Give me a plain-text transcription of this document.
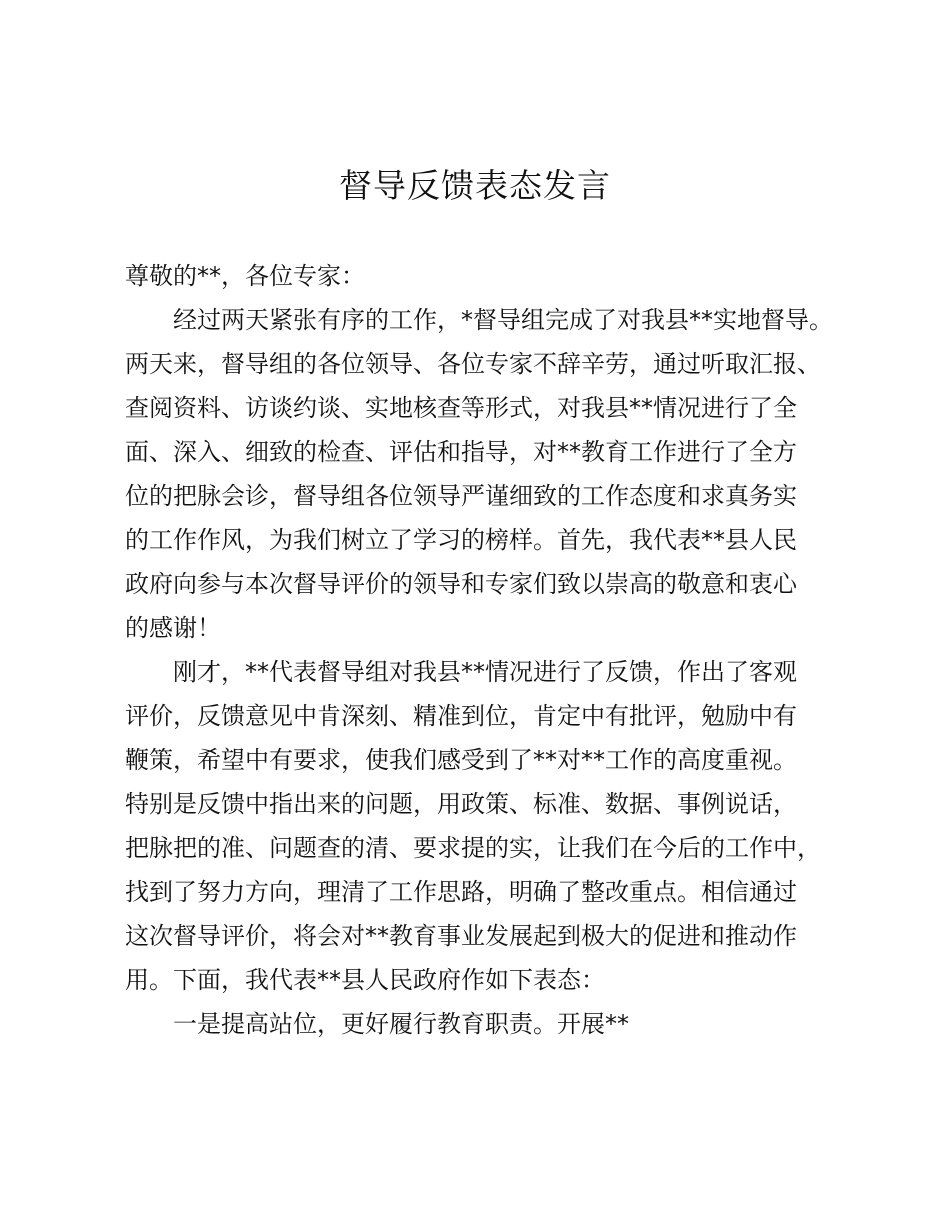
督导反馈表态发言

尊敬的**，各位专家：

经过两天紧张有序的工作，*督导组完成了对我县**实地督导。

两天来，督导组的各位领导、各位专家不辞辛劳，通过听取汇报、

查阅资料、访谈约谈、实地核查等形式，对我县**情况进行了全

面、深入、细致的检查、评估和指导，对**教育工作进行了全方

位的把脉会诊，督导组各位领导严谨细致的工作态度和求真务实

的工作作风，为我们树立了学习的榜样。首先，我代表**县人民

政府向参与本次督导评价的领导和专家们致以崇高的敬意和衷心

的感谢！

刚才，**代表督导组对我县**情况进行了反馈，作出了客观

评价，反馈意见中肯深刻、精准到位，肯定中有批评，勉励中有

鞭策，希望中有要求，使我们感受到了**对**工作的高度重视。

特别是反馈中指出来的问题，用政策、标准、数据、事例说话，

把脉把的准、问题查的清、要求提的实，让我们在今后的工作中，

找到了努力方向，理清了工作思路，明确了整改重点。相信通过

这次督导评价，将会对**教育事业发展起到极大的促进和推动作

用。下面，我代表**县人民政府作如下表态：

一是提高站位，更好履行教育职责。开展**
